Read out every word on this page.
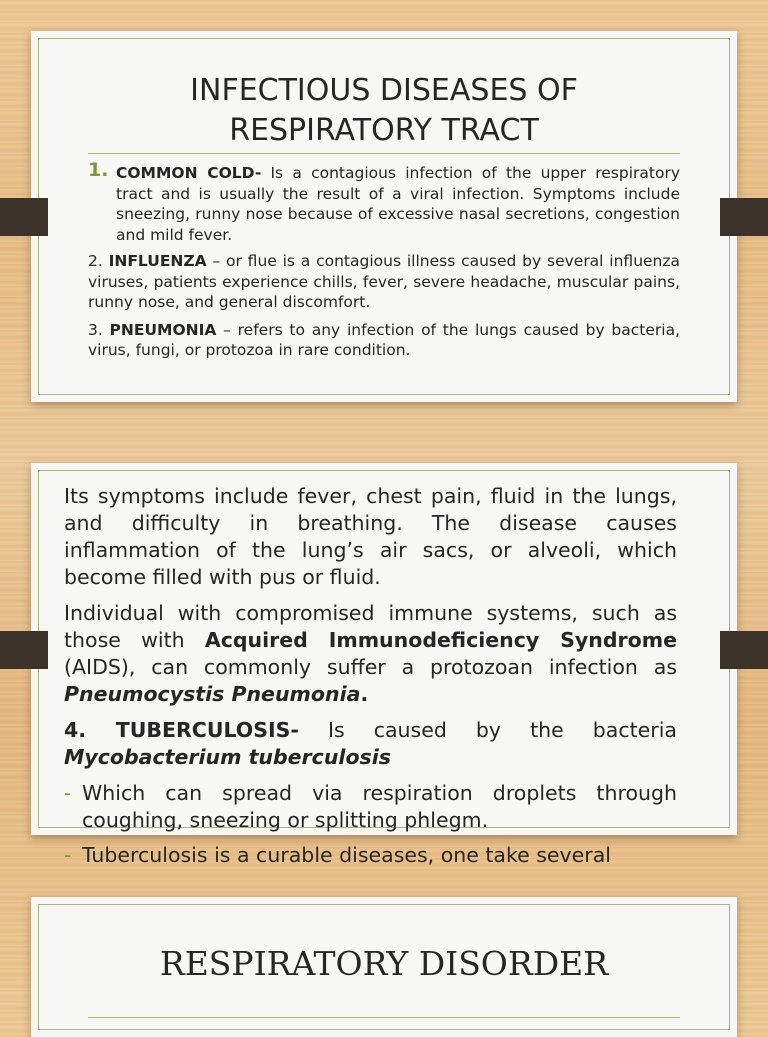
INFECTIOUS DISEASES OF
RESPIRATORY TRACT
1. COMMON COLD- Is a contagious infection of the upper respiratory tract and is usually the result of a viral infection. Symptoms include sneezing, runny nose because of excessive nasal secretions, congestion and mild fever.

2. INFLUENZA – or flue is a contagious illness caused by several influenza viruses, patients experience chills, fever, severe headache, muscular pains, runny nose, and general discomfort.

3. PNEUMONIA – refers to any infection of the lungs caused by bacteria, virus, fungi, or protozoa in rare condition.

Its symptoms include fever, chest pain, fluid in the lungs, and difficulty in breathing. The disease causes inflammation of the lung’s air sacs, or alveoli, which become filled with pus or fluid.

Individual with compromised immune systems, such as those with Acquired Immunodeficiency Syndrome (AIDS), can commonly suffer a protozoan infection as Pneumocystis Pneumonia.

4. TUBERCULOSIS- Is caused by the bacteria Mycobacterium tuberculosis

- Which can spread via respiration droplets through coughing, sneezing or splitting phlegm.

- Tuberculosis is a curable diseases, one take several

RESPIRATORY DISORDER
